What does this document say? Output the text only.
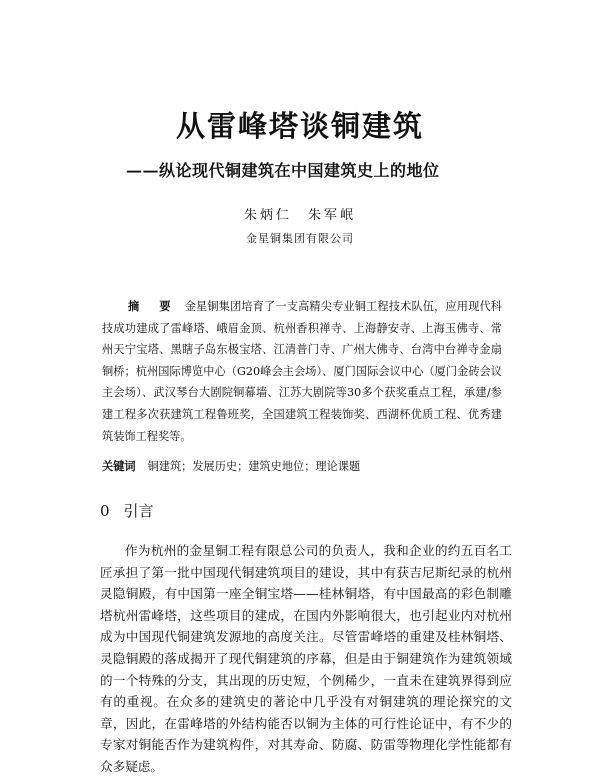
从雷峰塔谈铜建筑
——纵论现代铜建筑在中国建筑史上的地位
朱炳仁　朱军岷
金星铜集团有限公司
摘 要 金星铜集团培育了一支高精尖专业铜工程技术队伍，应用现代科技成功建成了雷峰塔、峨眉金顶、杭州香积禅寺、上海静安寺、上海玉佛寺、常州天宁宝塔、黑瞎子岛东极宝塔、江清普门寺、广州大佛寺、台湾中台禅寺金扇铜桥；杭州国际博览中心（G20峰会主会场）、厦门国际会议中心（厦门金砖会议主会场）、武汉琴台大剧院铜幕墙、江苏大剧院等30多个获奖重点工程，承建/参建工程多次获建筑工程鲁班奖，全国建筑工程装饰奖、西湖杯优质工程、优秀建筑装饰工程奖等。
关键词 铜建筑；发展历史；建筑史地位；理论课题
0 引言
作为杭州的金星铜工程有限总公司的负责人，我和企业的约五百名工匠承担了第一批中国现代铜建筑项目的建设，其中有获吉尼斯纪录的杭州灵隐铜殿，有中国第一座全铜宝塔——桂林铜塔，有中国最高的彩色制雕塔杭州雷峰塔，这些项目的建成，在国内外影响很大，也引起业内对杭州成为中国现代铜建筑发源地的高度关注。尽管雷峰塔的重建及桂林铜塔、灵隐铜殿的落成揭开了现代铜建筑的序幕，但是由于铜建筑作为建筑领域的一个特殊的分支，其出现的历史短，个例稀少，一直未在建筑界得到应有的重视。在众多的建筑史的著论中几乎没有对铜建筑的理论探究的文章，因此，在雷峰塔的外结构能否以铜为主体的可行性论证中，有不少的专家对铜能否作为建筑构件，对其寿命、防腐、防雷等物理化学性能都有众多疑虑。
